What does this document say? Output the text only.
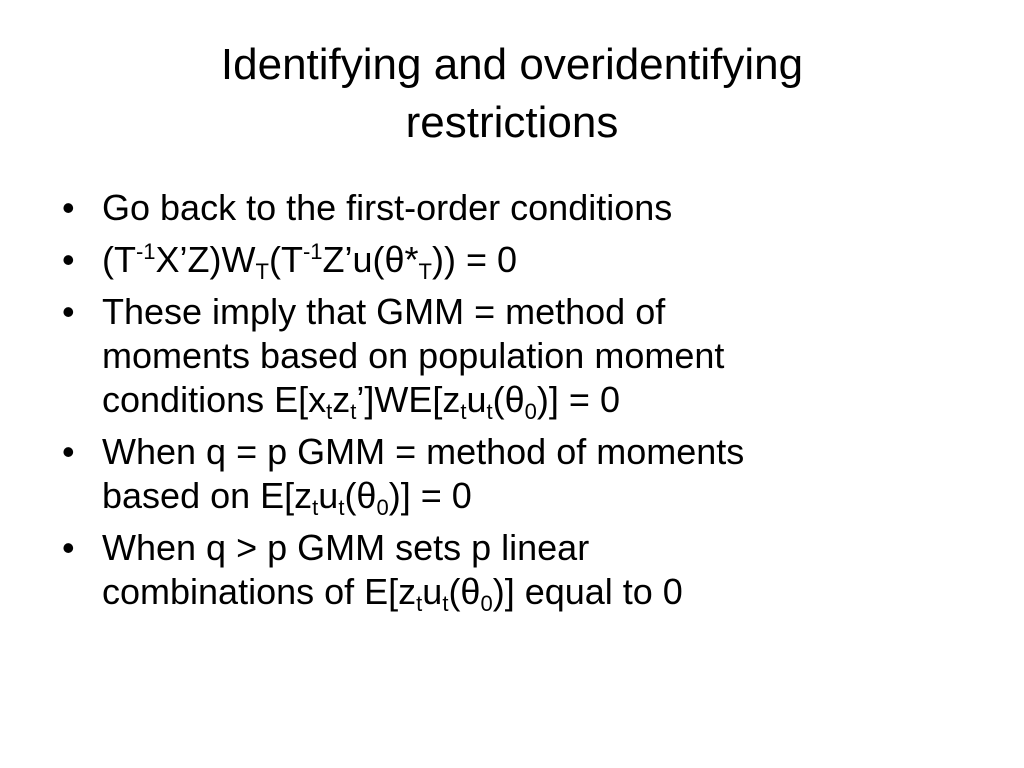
Identifying and overidentifying
restrictions
• Go back to the first-order conditions
• $(T^{-1}X’Z)W_T(T^{-1}Z’u(\theta*_T)) = 0$
• These imply that GMM = method of
moments based on population moment
conditions $E[x_tz_t’]WE[z_tu_t(\theta_0)] = 0$
• When q = p GMM = method of moments
based on $E[z_tu_t(\theta_0)] = 0$
• When q > p GMM sets p linear
combinations of $E[z_tu_t(\theta_0)]$ equal to 0
